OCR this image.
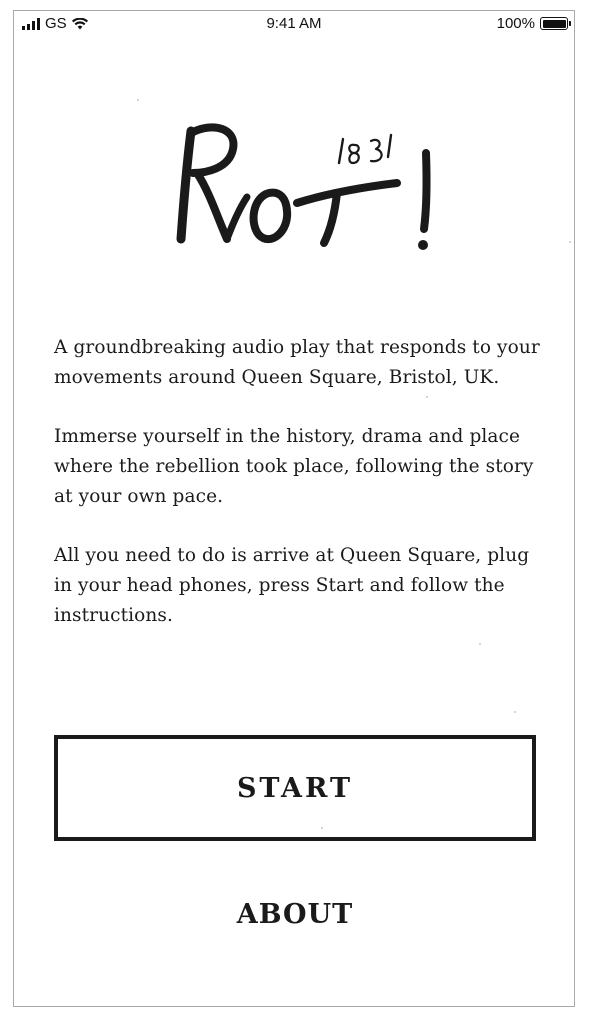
GS	9:41 AM	100%

A groundbreaking audio play that responds to your movements around Queen Square, Bristol, UK.

Immerse yourself in the history, drama and place where the rebellion took place, following the story at your own pace.

All you need to do is arrive at Queen Square, plug in your head phones, press Start and follow the instructions.

START
ABOUT
